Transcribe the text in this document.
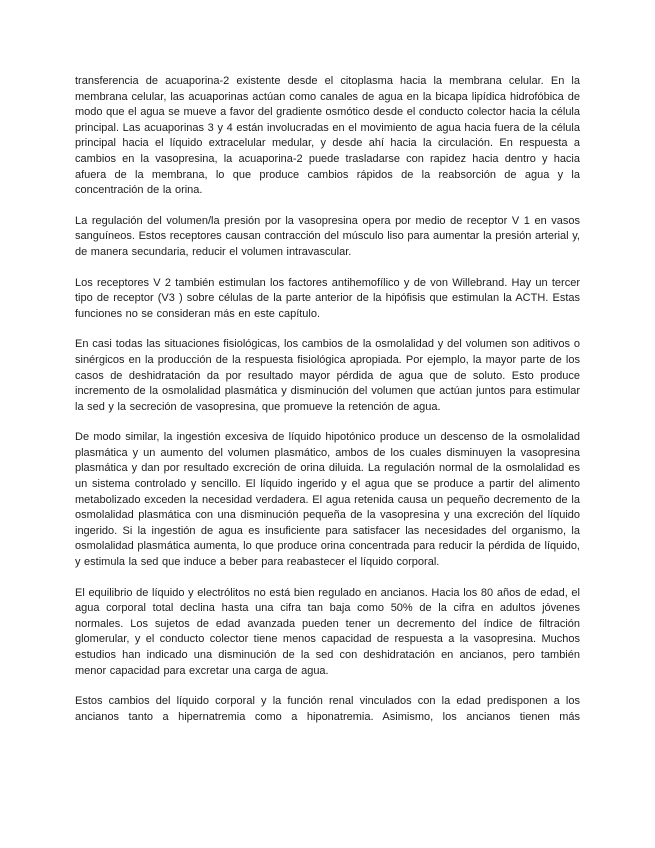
transferencia de acuaporina-2 existente desde el citoplasma hacia la membrana celular. En la membrana celular, las acuaporinas actúan como canales de agua en la bicapa lipídica hidrofóbica de modo que el agua se mueve a favor del gradiente osmótico desde el conducto colector hacia la célula principal. Las acuaporinas 3 y 4 están involucradas en el movimiento de agua hacia fuera de la célula principal hacia el líquido extracelular medular, y desde ahí hacia la circulación. En respuesta a cambios en la vasopresina, la acuaporina-2 puede trasladarse con rapidez hacia dentro y hacia afuera de la membrana, lo que produce cambios rápidos de la reabsorción de agua y la concentración de la orina.

La regulación del volumen/la presión por la vasopresina opera por medio de receptor V 1 en vasos sanguíneos. Estos receptores causan contracción del músculo liso para aumentar la presión arterial y, de manera secundaria, reducir el volumen intravascular.

Los receptores V 2 también estimulan los factores antihemofílico y de von Willebrand. Hay un tercer tipo de receptor (V3 ) sobre células de la parte anterior de la hipófisis que estimulan la ACTH. Estas funciones no se consideran más en este capítulo.

En casi todas las situaciones fisiológicas, los cambios de la osmolalidad y del volumen son aditivos o sinérgicos en la producción de la respuesta fisiológica apropiada. Por ejemplo, la mayor parte de los casos de deshidratación da por resultado mayor pérdida de agua que de soluto. Esto produce incremento de la osmolalidad plasmática y disminución del volumen que actúan juntos para estimular la sed y la secreción de vasopresina, que promueve la retención de agua.

De modo similar, la ingestión excesiva de líquido hipotónico produce un descenso de la osmolalidad plasmática y un aumento del volumen plasmático, ambos de los cuales disminuyen la vasopresina plasmática y dan por resultado excreción de orina diluida. La regulación normal de la osmolalidad es un sistema controlado y sencillo. El líquido ingerido y el agua que se produce a partir del alimento metabolizado exceden la necesidad verdadera. El agua retenida causa un pequeño decremento de la osmolalidad plasmática con una disminución pequeña de la vasopresina y una excreción del líquido ingerido. Si la ingestión de agua es insuficiente para satisfacer las necesidades del organismo, la osmolalidad plasmática aumenta, lo que produce orina concentrada para reducir la pérdida de líquido, y estimula la sed que induce a beber para reabastecer el líquido corporal.

El equilibrio de líquido y electrólitos no está bien regulado en ancianos. Hacia los 80 años de edad, el agua corporal total declina hasta una cifra tan baja como 50% de la cifra en adultos jóvenes normales. Los sujetos de edad avanzada pueden tener un decremento del índice de filtración glomerular, y el conducto colector tiene menos capacidad de respuesta a la vasopresina. Muchos estudios han indicado una disminución de la sed con deshidratación en ancianos, pero también menor capacidad para excretar una carga de agua.

Estos cambios del líquido corporal y la función renal vinculados con la edad predisponen a los ancianos tanto a hipernatremia como a hiponatremia. Asimismo, los ancianos tienen más
